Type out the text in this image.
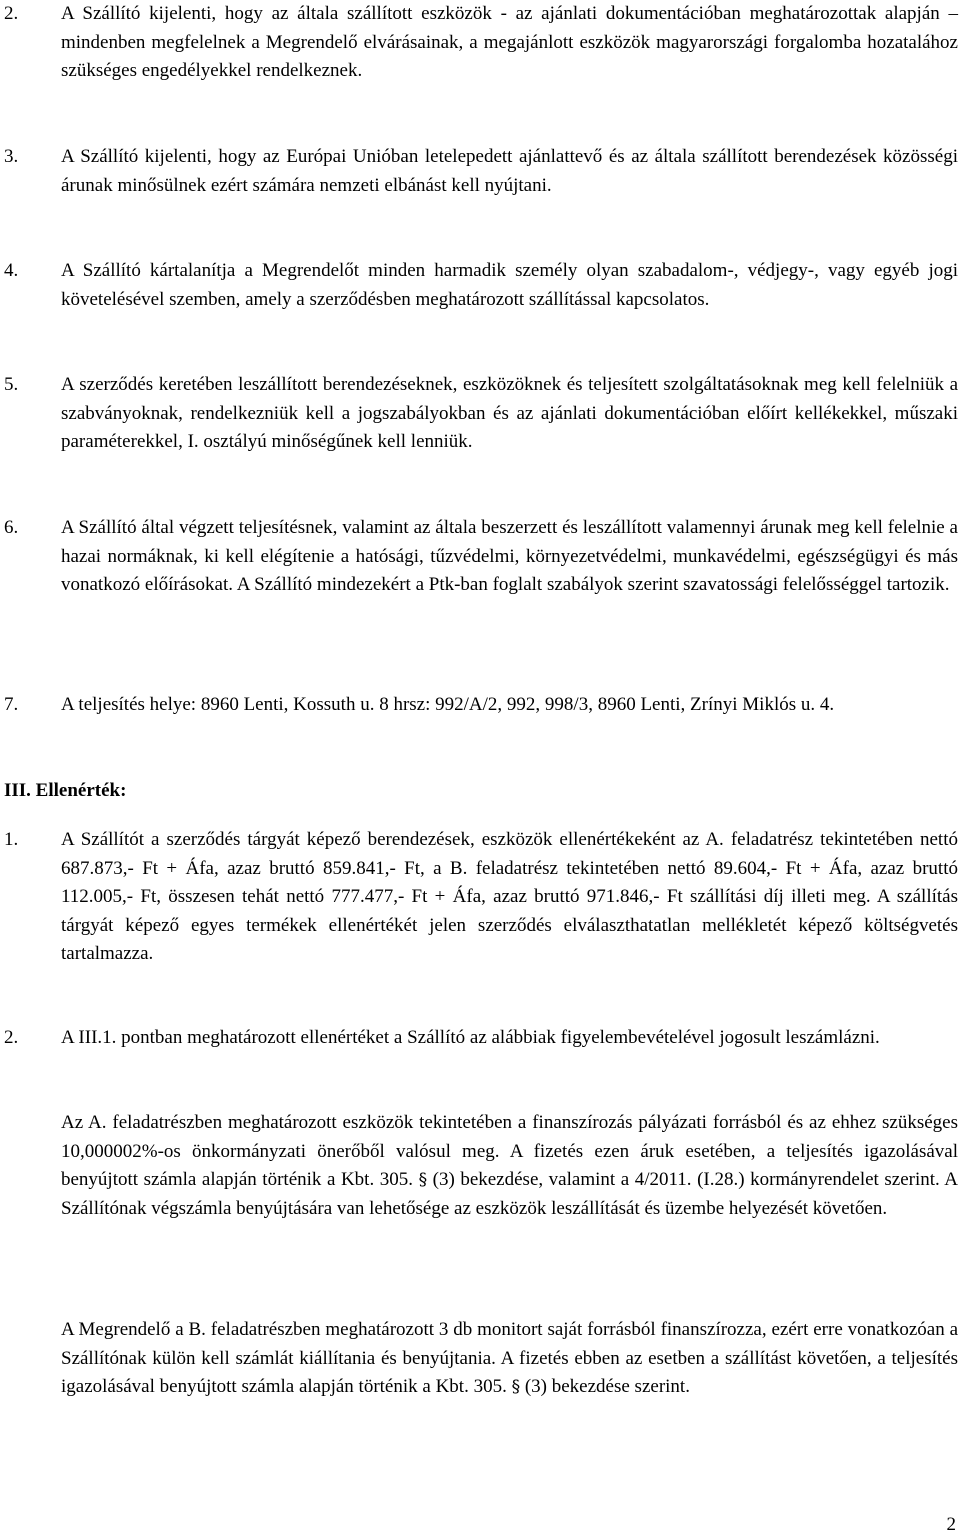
2.	A Szállító kijelenti, hogy az általa szállított eszközök - az ajánlati dokumentációban meghatározottak alapján – mindenben megfelelnek a Megrendelő elvárásainak, a megajánlott eszközök magyarországi forgalomba hozatalához szükséges engedélyekkel rendelkeznek.
3.	A Szállító kijelenti, hogy az Európai Unióban letelepedett ajánlattevő és az általa szállított berendezések közösségi árunak minősülnek ezért számára nemzeti elbánást kell nyújtani.
4.	A Szállító kártalanítja a Megrendelőt minden harmadik személy olyan szabadalom-, védjegy-, vagy egyéb jogi követelésével szemben, amely a szerződésben meghatározott szállítással kapcsolatos.
5.	A szerződés keretében leszállított berendezéseknek, eszközöknek és teljesített szolgáltatásoknak meg kell felelniük a szabványoknak, rendelkezniük kell a jogszabályokban és az ajánlati dokumentációban előírt kellékekkel, műszaki paraméterekkel, I. osztályú minőségűnek kell lenniük.
6.	A Szállító által végzett teljesítésnek, valamint az általa beszerzett és leszállított valamennyi árunak meg kell felelnie a hazai normáknak, ki kell elégítenie a hatósági, tűzvédelmi, környezetvédelmi, munkavédelmi, egészségügyi és más vonatkozó előírásokat. A Szállító mindezekért a Ptk-ban foglalt szabályok szerint szavatossági felelősséggel tartozik.
7.	A teljesítés helye: 8960 Lenti, Kossuth u. 8 hrsz: 992/A/2, 992, 998/3, 8960 Lenti, Zrínyi Miklós u. 4.
III. Ellenérték:
1.	A Szállítót a szerződés tárgyát képező berendezések, eszközök ellenértékeként az A. feladatrész tekintetében nettó 687.873,- Ft + Áfa, azaz bruttó 859.841,- Ft, a B. feladatrész tekintetében nettó 89.604,- Ft + Áfa, azaz bruttó 112.005,- Ft, összesen tehát nettó 777.477,- Ft + Áfa, azaz bruttó 971.846,- Ft szállítási díj illeti meg. A szállítás tárgyát képező egyes termékek ellenértékét jelen szerződés elválaszthatatlan mellékletét képező költségvetés tartalmazza.
2.	A III.1. pontban meghatározott ellenértéket a Szállító az alábbiak figyelembevételével jogosult leszámlázni.
Az A. feladatrészben meghatározott eszközök tekintetében a finanszírozás pályázati forrásból és az ehhez szükséges 10,000002%-os önkormányzati önerőből valósul meg. A fizetés ezen áruk esetében, a teljesítés igazolásával benyújtott számla alapján történik a Kbt. 305. § (3) bekezdése, valamint a 4/2011. (I.28.) kormányrendelet szerint. A Szállítónak végszámla benyújtására van lehetősége az eszközök leszállítását és üzembe helyezését követően.
A Megrendelő a B. feladatrészben meghatározott 3 db monitort saját forrásból finanszírozza, ezért erre vonatkozóan a Szállítónak külön kell számlát kiállítania és benyújtania. A fizetés ebben az esetben a szállítást követően, a teljesítés igazolásával benyújtott számla alapján történik a Kbt. 305. § (3) bekezdése szerint.
2
